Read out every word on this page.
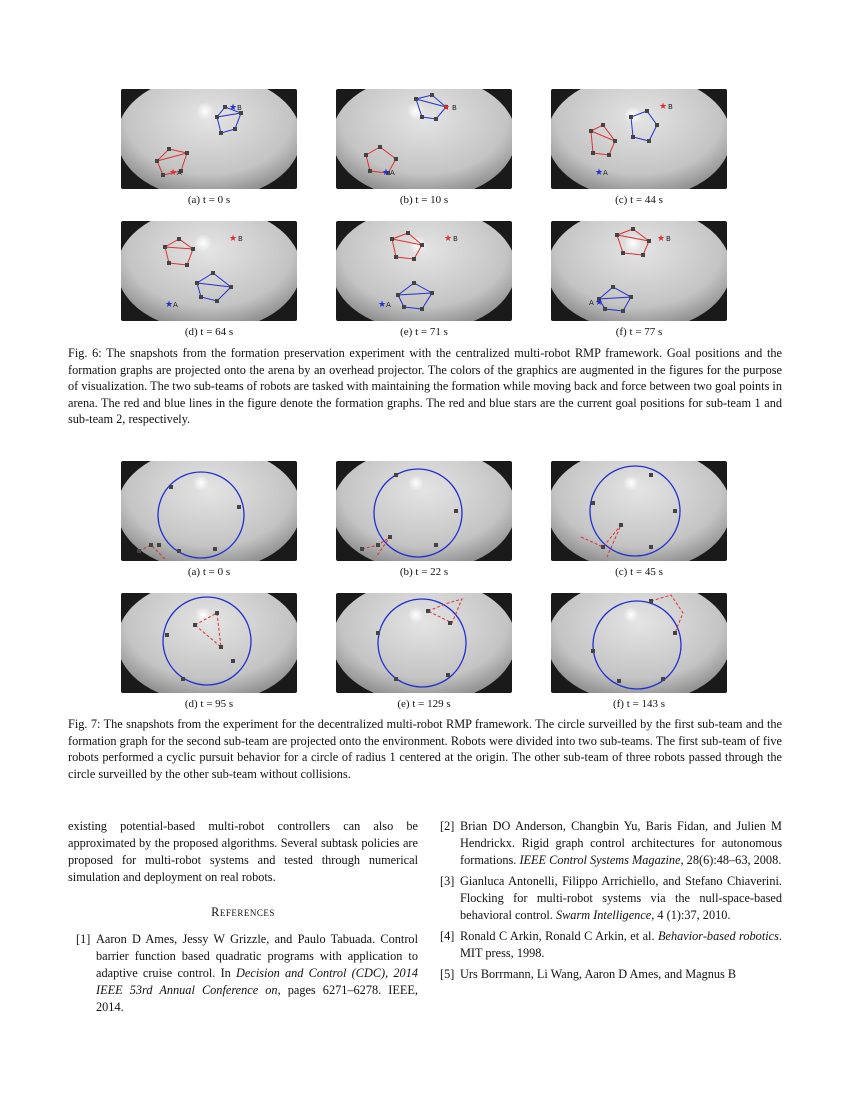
★ B
★ A
(a) t = 0 s
★ B
★ A
(b) t = 10 s
★ B
★ A
(c) t = 44 s
★ B
★ A
(d) t = 64 s
★ B
★ A
(e) t = 71 s
★ B
★
A
(f) t = 77 s
Fig. 6: The snapshots from the formation preservation experiment with the centralized multi-robot RMP framework. Goal positions and the formation graphs are projected onto the arena by an overhead projector. The colors of the graphics are augmented in the figures for the purpose of visualization. The two sub-teams of robots are tasked with maintaining the formation while moving back and force between two goal points in arena. The red and blue lines in the figure denote the formation graphs. The red and blue stars are the current goal positions for sub-team 1 and sub-team 2, respectively.
(a) t = 0 s	(b) t = 22 s	(c) t = 45 s
(d) t = 95 s	(e) t = 129 s	(f) t = 143 s
Fig. 7: The snapshots from the experiment for the decentralized multi-robot RMP framework. The circle surveilled by the first sub-team and the formation graph for the second sub-team are projected onto the environment. Robots were divided into two sub-teams. The first sub-team of five robots performed a cyclic pursuit behavior for a circle of radius 1 centered at the origin. The other sub-team of three robots passed through the circle surveilled by the other sub-team without collisions.

existing potential-based multi-robot controllers can also be approximated by the proposed algorithms. Several subtask policies are proposed for multi-robot systems and tested through numerical simulation and deployment on real robots.

References
[1] Aaron D Ames, Jessy W Grizzle, and Paulo Tabuada. Control barrier function based quadratic programs with application to adaptive cruise control. In Decision and Control (CDC), 2014 IEEE 53rd Annual Conference on, pages 6271–6278. IEEE, 2014.
[2] Brian DO Anderson, Changbin Yu, Baris Fidan, and Julien M Hendrickx. Rigid graph control architectures for autonomous formations. IEEE Control Systems Magazine, 28(6):48–63, 2008.
[3] Gianluca Antonelli, Filippo Arrichiello, and Stefano Chiaverini. Flocking for multi-robot systems via the null-space-based behavioral control. Swarm Intelligence, 4 (1):37, 2010.
[4] Ronald C Arkin, Ronald C Arkin, et al. Behavior-based robotics. MIT press, 1998.
[5] Urs Borrmann, Li Wang, Aaron D Ames, and Magnus B
